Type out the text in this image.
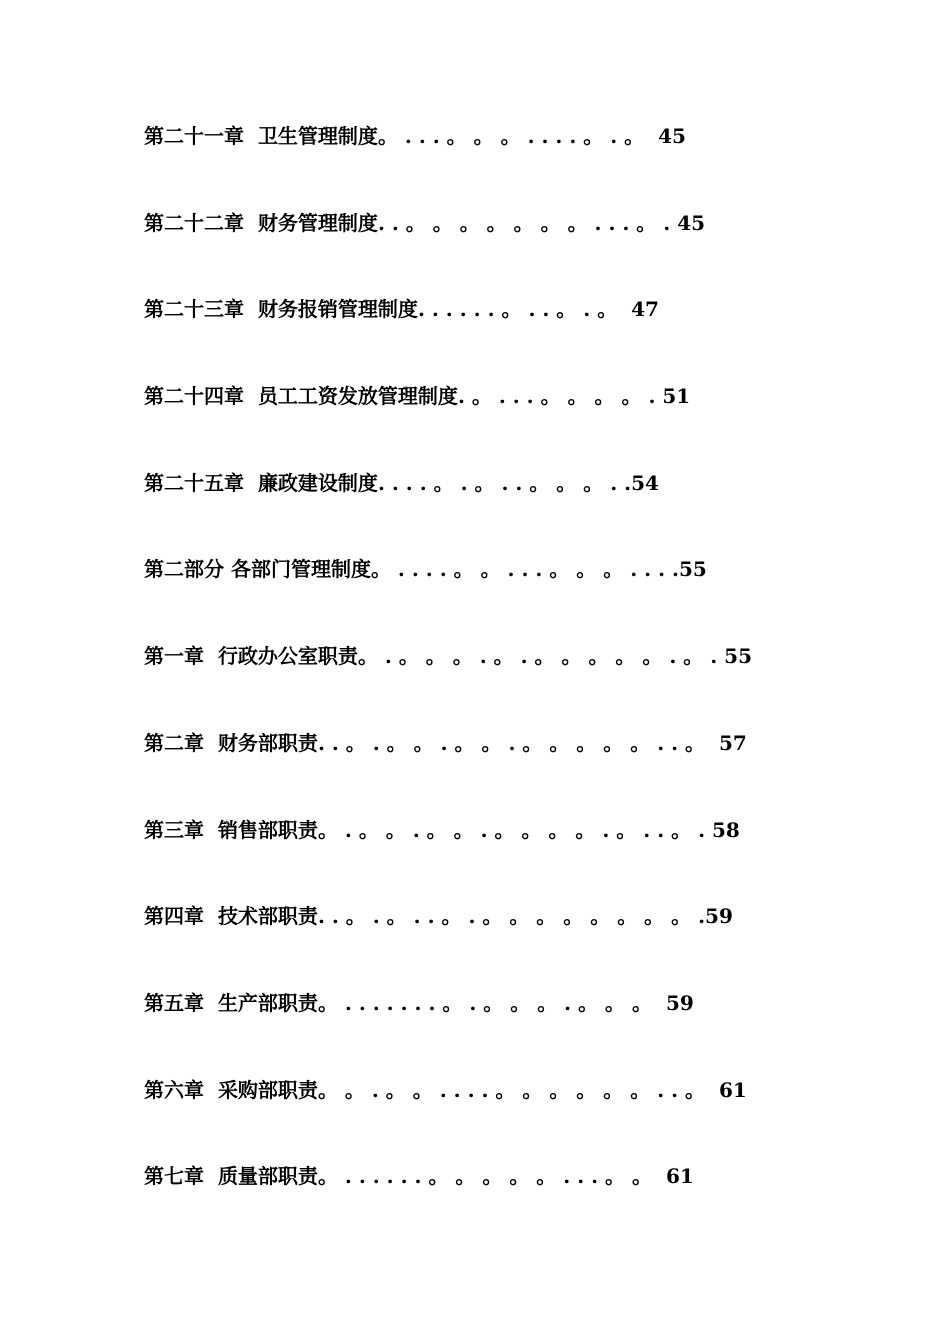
第二十一章 卫生管理制度。 . . . 。 。 。 . . . . 。 . 。 45
第二十二章 财务管理制度. . 。 。 。 。 。 。 。 . . . 。 . 45
第二十三章 财务报销管理制度. . . . . . 。 . . 。 . 。 47
第二十四章 员工工资发放管理制度. 。 . . . 。 。 。 。 . 51
第二十五章 廉政建设制度. . . . 。 . 。 . . 。 。 。 . .54
第二部分 各部门管理制度。 . . . . 。 。 . . . 。 。 。 . . . .55
第一章 行政办公室职责。 . 。 。 。 . 。 . 。 。 。 。 。 . 。 . 55
第二章 财务部职责. . 。 . 。 。 . 。 。 . 。 。 。 。 。 . . 。 57
第三章 销售部职责。 . 。 。 . 。 。 . 。 。 。 。 . 。 . . 。 . 58
第四章 技术部职责. . 。 . 。 . . 。 . 。 。 。 。 。 。 。 。 .59
第五章 生产部职责。 . . . . . . . 。 . 。 。 。 . 。 。 。 59
第六章 采购部职责。 。 . 。 。 . . . . 。 。 。 。 。 。 . . 。 61
第七章 质量部职责。 . . . . . . 。 。 。 。 。 . . . 。 。 61
